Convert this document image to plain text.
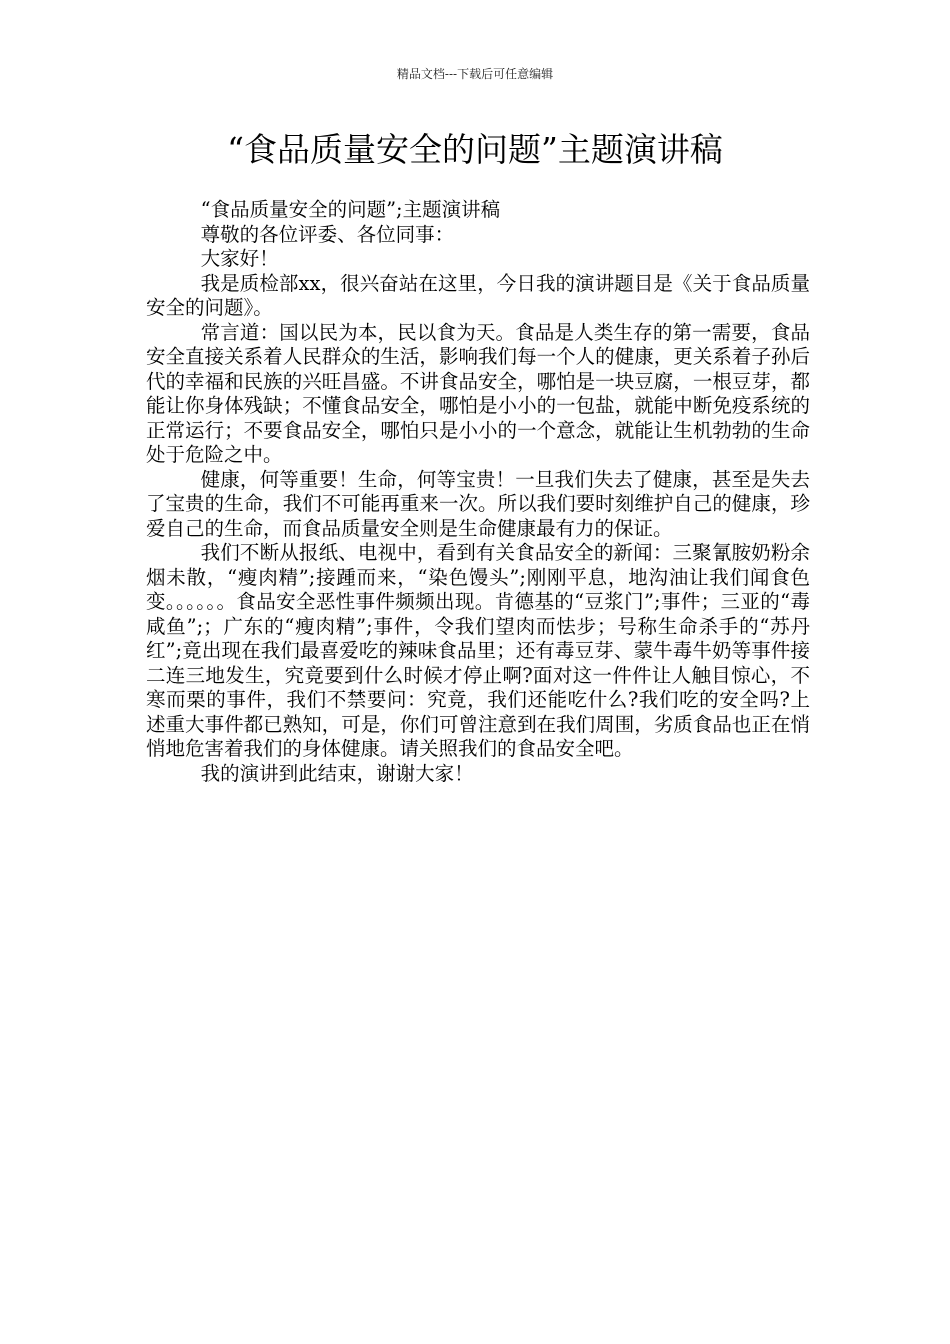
精品文档---下载后可任意编辑
“食品质量安全的问题”主题演讲稿

“食品质量安全的问题”;主题演讲稿

尊敬的各位评委、各位同事：

大家好！

我是质检部xx，很兴奋站在这里，今日我的演讲题目是《关于食品质量安全的问题》。

常言道：国以民为本，民以食为天。食品是人类生存的第一需要，食品安全直接关系着人民群众的生活，影响我们每一个人的健康，更关系着子孙后代的幸福和民族的兴旺昌盛。不讲食品安全，哪怕是一块豆腐，一根豆芽，都能让你身体残缺；不懂食品安全，哪怕是小小的一包盐，就能中断免疫系统的正常运行；不要食品安全，哪怕只是小小的一个意念，就能让生机勃勃的生命处于危险之中。

健康，何等重要！生命，何等宝贵！一旦我们失去了健康，甚至是失去了宝贵的生命，我们不可能再重来一次。所以我们要时刻维护自己的健康，珍爱自己的生命，而食品质量安全则是生命健康最有力的保证。

我们不断从报纸、电视中，看到有关食品安全的新闻：三聚氰胺奶粉余烟未散，“瘦肉精”;接踵而来，“染色馒头”;刚刚平息，地沟油让我们闻食色变。。。。。。食品安全恶性事件频频出现。肯德基的“豆浆门”;事件；三亚的“毒咸鱼”;；广东的“瘦肉精”;事件，令我们望肉而怯步；号称生命杀手的“苏丹红”;竟出现在我们最喜爱吃的辣味食品里；还有毒豆芽、蒙牛毒牛奶等事件接二连三地发生，究竟要到什么时候才停止啊?面对这一件件让人触目惊心，不寒而栗的事件，我们不禁要问：究竟，我们还能吃什么?我们吃的安全吗?上述重大事件都已熟知，可是，你们可曾注意到在我们周围，劣质食品也正在悄悄地危害着我们的身体健康。请关照我们的食品安全吧。

我的演讲到此结束，谢谢大家！
